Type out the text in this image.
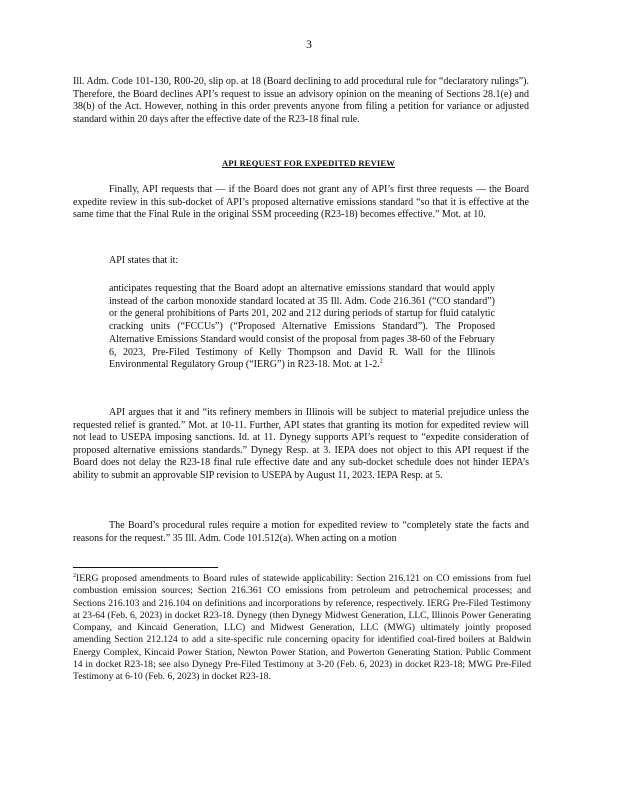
3

Ill. Adm. Code 101-130, R00-20, slip op. at 18 (Board declining to add procedural rule for “declaratory rulings”). Therefore, the Board declines API’s request to issue an advisory opinion on the meaning of Sections 28.1(e) and 38(b) of the Act. However, nothing in this order prevents anyone from filing a petition for variance or adjusted standard within 20 days after the effective date of the R23-18 final rule.

API REQUEST FOR EXPEDITED REVIEW

Finally, API requests that — if the Board does not grant any of API’s first three requests — the Board expedite review in this sub-docket of API’s proposed alternative emissions standard “so that it is effective at the same time that the Final Rule in the original SSM proceeding (R23-18) becomes effective.” Mot. at 10.

API states that it:

anticipates requesting that the Board adopt an alternative emissions standard that would apply instead of the carbon monoxide standard located at 35 Ill. Adm. Code 216.361 (“CO standard”) or the general prohibitions of Parts 201, 202 and 212 during periods of startup for fluid catalytic cracking units (“FCCUs”) (“Proposed Alternative Emissions Standard”). The Proposed Alternative Emissions Standard would consist of the proposal from pages 38-60 of the February 6, 2023, Pre-Filed Testimony of Kelly Thompson and David R. Wall for the Illinois Environmental Regulatory Group (“IERG”) in R23-18. Mot. at 1-2.$^2$

API argues that it and “its refinery members in Illinois will be subject to material prejudice unless the requested relief is granted.” Mot. at 10-11. Further, API states that granting its motion for expedited review will not lead to USEPA imposing sanctions. Id. at 11. Dynegy supports API’s request to “expedite consideration of proposed alternative emissions standards.” Dynegy Resp. at 3. IEPA does not object to this API request if the Board does not delay the R23-18 final rule effective date and any sub-docket schedule does not hinder IEPA’s ability to submit an approvable SIP revision to USEPA by August 11, 2023. IEPA Resp. at 5.

The Board’s procedural rules require a motion for expedited review to “completely state the facts and reasons for the request.” 35 Ill. Adm. Code 101.512(a). When acting on a motion

$^2$IERG proposed amendments to Board rules of statewide applicability: Section 216.121 on CO emissions from fuel combustion emission sources; Section 216.361 CO emissions from petroleum and petrochemical processes; and Sections 216.103 and 216.104 on definitions and incorporations by reference, respectively. IERG Pre-Filed Testimony at 23-64 (Feb. 6, 2023) in docket R23-18. Dynegy (then Dynegy Midwest Generation, LLC, Illinois Power Generating Company, and Kincaid Generation, LLC) and Midwest Generation, LLC (MWG) ultimately jointly proposed amending Section 212.124 to add a site-specific rule concerning opacity for identified coal-fired boilers at Baldwin Energy Complex, Kincaid Power Station, Newton Power Station, and Powerton Generating Station. Public Comment 14 in docket R23-18; see also Dynegy Pre-Filed Testimony at 3-20 (Feb. 6, 2023) in docket R23-18; MWG Pre-Filed Testimony at 6-10 (Feb. 6, 2023) in docket R23-18.
